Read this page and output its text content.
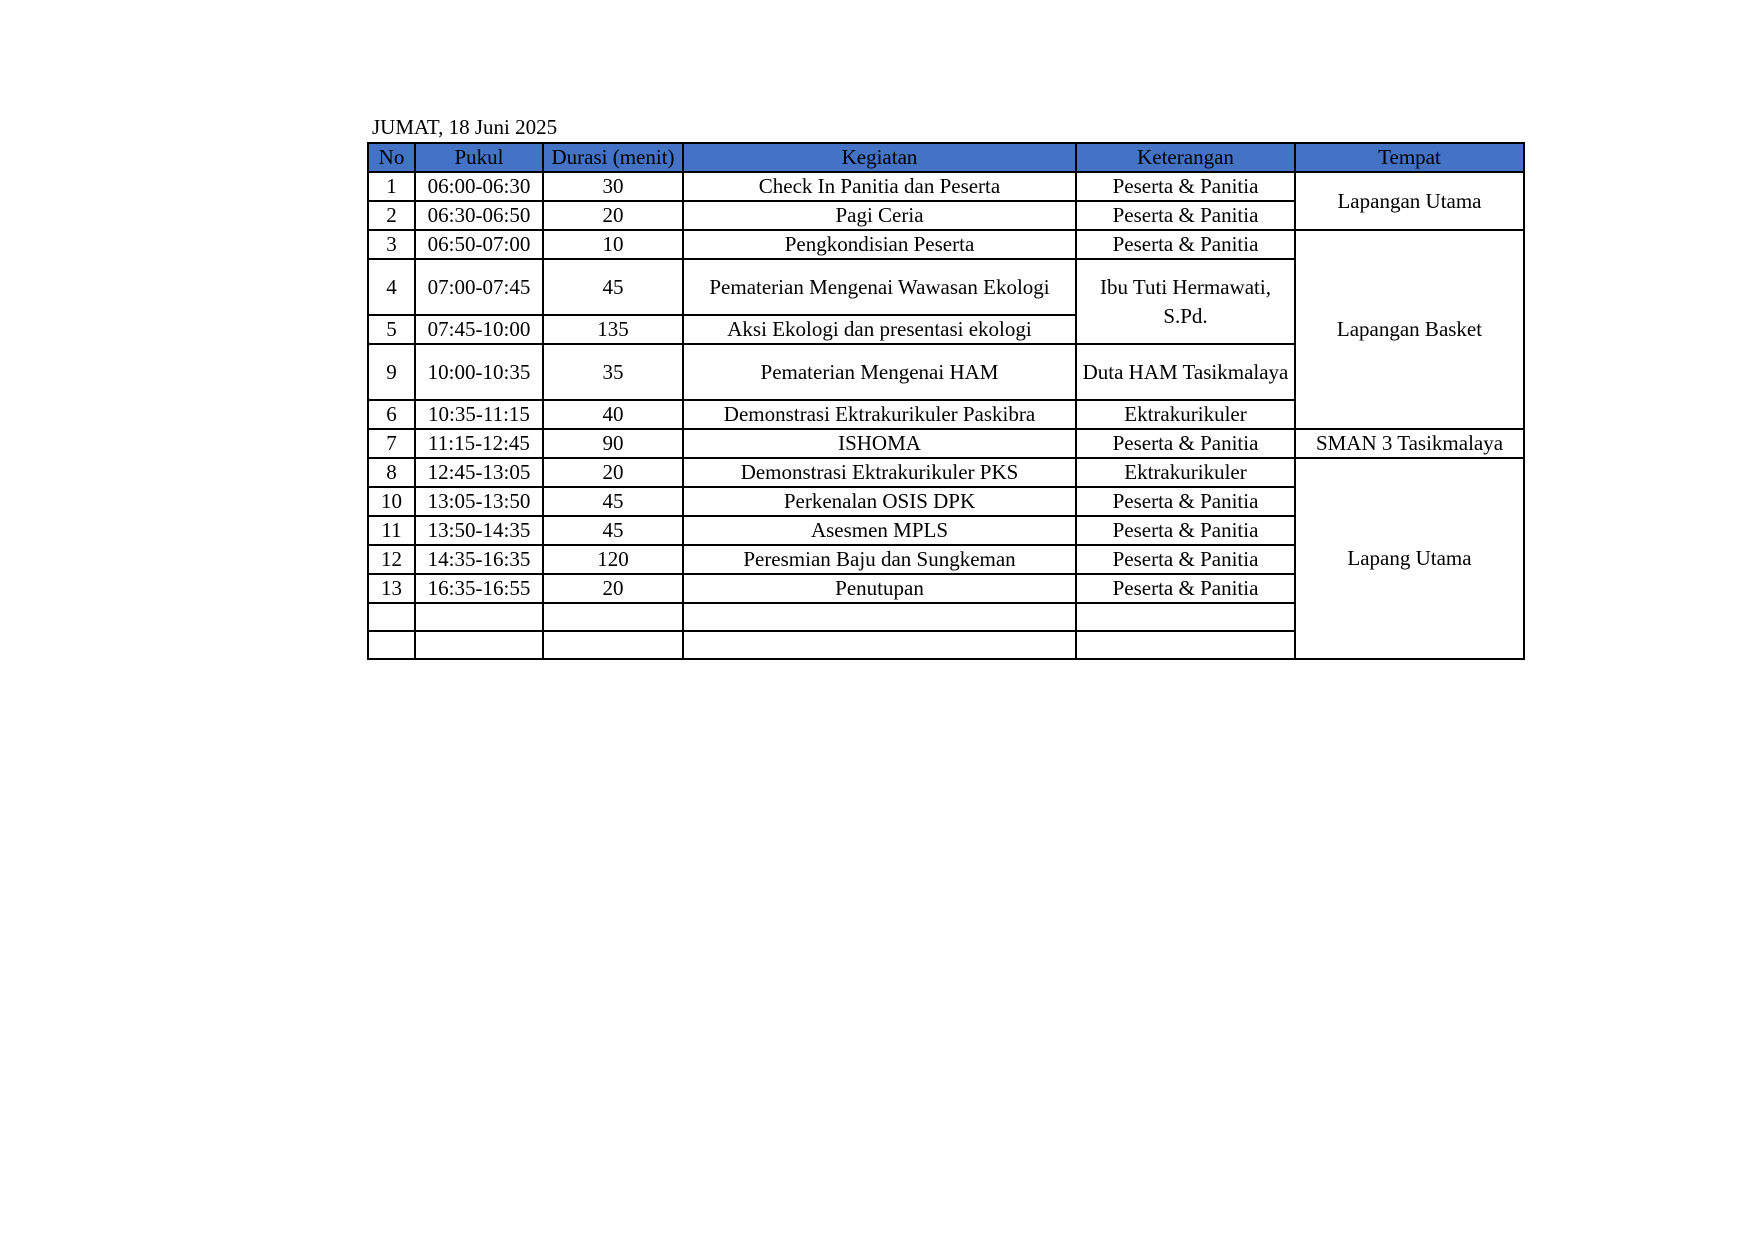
JUMAT, 18 Juni 2025
No	Pukul	Durasi (menit)	Kegiatan	Keterangan	Tempat
1	06:00-06:30	30	Check In Panitia dan Peserta	Peserta & Panitia	Lapangan Utama
2	06:30-06:50	20	Pagi Ceria	Peserta & Panitia	
3	06:50-07:00	10	Pengkondisian Peserta	Peserta & Panitia	Lapangan Basket
4	07:00-07:45	45	Pematerian Mengenai Wawasan Ekologi	Ibu Tuti Hermawati, S.Pd.	
5	07:45-10:00	135	Aksi Ekologi dan presentasi ekologi		
9	10:00-10:35	35	Pematerian Mengenai HAM	Duta HAM Tasikmalaya	
6	10:35-11:15	40	Demonstrasi Ektrakurikuler Paskibra	Ektrakurikuler	
7	11:15-12:45	90	ISHOMA	Peserta & Panitia	SMAN 3 Tasikmalaya
8	12:45-13:05	20	Demonstrasi Ektrakurikuler PKS	Ektrakurikuler	Lapang Utama
10	13:05-13:50	45	Perkenalan OSIS DPK	Peserta & Panitia	
11	13:50-14:35	45	Asesmen MPLS	Peserta & Panitia	
12	14:35-16:35	120	Peresmian Baju dan Sungkeman	Peserta & Panitia	
13	16:35-16:55	20	Penutupan	Peserta & Panitia	
